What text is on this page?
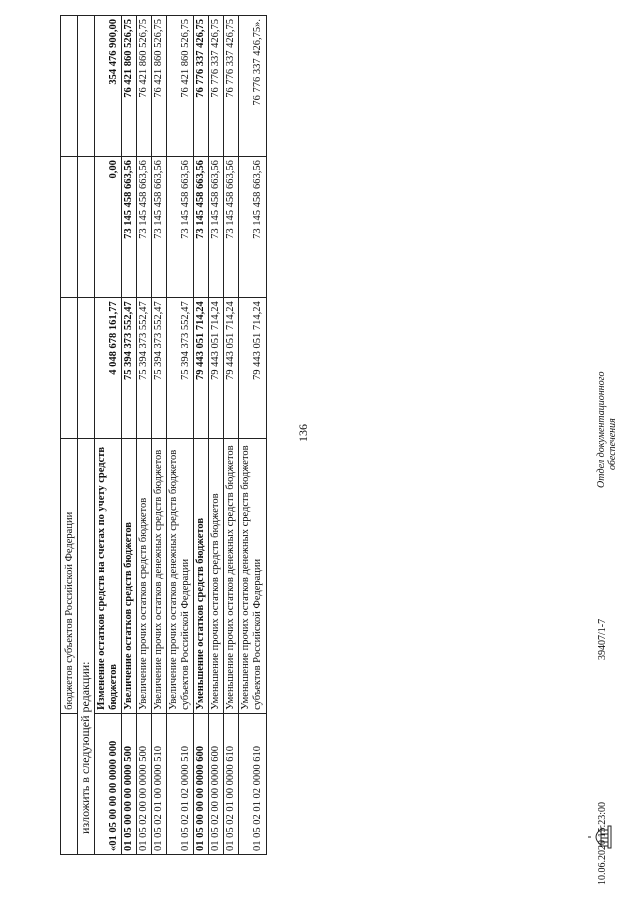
	бюджетов субъектов Российской Федерации			
изложить в следующей редакции:				
«01 05 00 00 00 0000 000	Изменение остатков средств на счетах по учету средств бюджетов	4 048 678 161,77	0,00	354 476 900,00
01 05 00 00 00 0000 500	Увеличение остатков средств бюджетов	75 394 373 552,47	73 145 458 663,56	76 421 860 526,75
01 05 02 00 00 0000 500	Увеличение прочих остатков средств бюджетов	75 394 373 552,47	73 145 458 663,56	76 421 860 526,75
01 05 02 01 00 0000 510	Увеличение прочих остатков денежных средств бюджетов	75 394 373 552,47	73 145 458 663,56	76 421 860 526,75
01 05 02 01 02 0000 510	Увеличение прочих остатков денежных средств бюджетов субъектов Российской Федерации	75 394 373 552,47	73 145 458 663,56	76 421 860 526,75
01 05 00 00 00 0000 600	Уменьшение остатков средств бюджетов	79 443 051 714,24	73 145 458 663,56	76 776 337 426,75
01 05 02 00 00 0000 600	Уменьшение прочих остатков средств бюджетов	79 443 051 714,24	73 145 458 663,56	76 776 337 426,75
01 05 02 01 00 0000 610	Уменьшение прочих остатков денежных средств бюджетов	79 443 051 714,24	73 145 458 663,56	76 776 337 426,75
01 05 02 01 02 0000 610	Уменьшение прочих остатков денежных средств бюджетов субъектов Российской Федерации	79 443 051 714,24	73 145 458 663,56	76 776 337 426,75».
136
10.06.2020 15:23:00
39407/1-7
Отдел документационного обеспечения
